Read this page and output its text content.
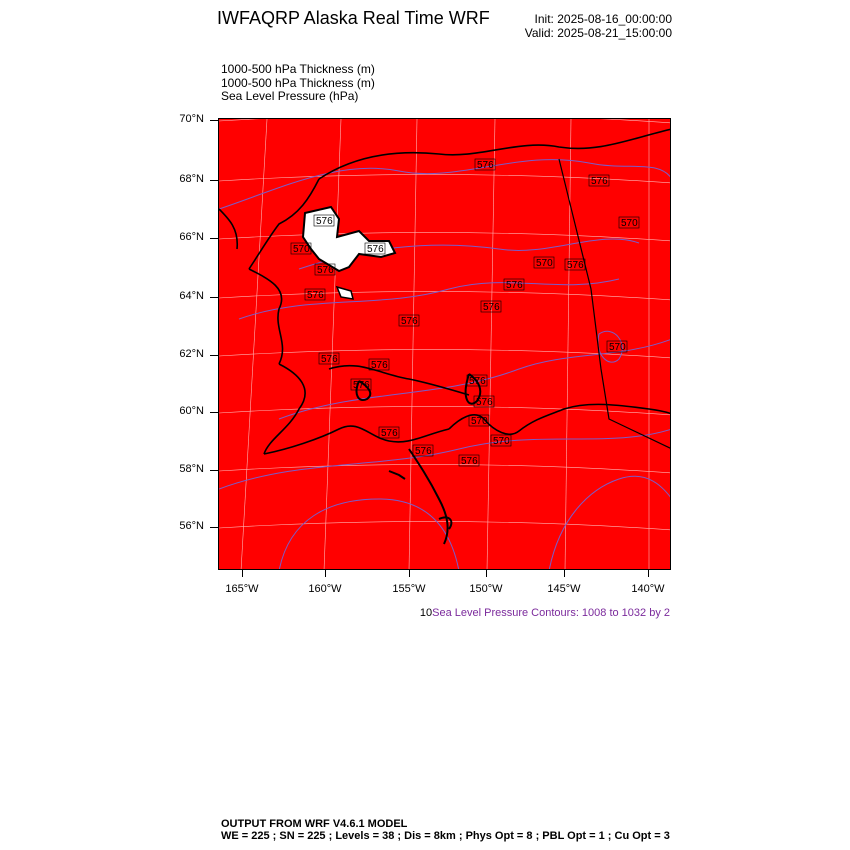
IWFAQRP Alaska Real Time WRF	Init: 2025-08-16_00:00:00
Valid: 2025-08-21_15:00:00
1000-500 hPa Thickness (m)
1000-500 hPa Thickness (m)
Sea Level Pressure (hPa)
70°N
68°N
66°N
64°N
62°N
60°N
58°N
56°N
576
576
570
576
570	576
576
576
570 576
576
576
576
570
576
576
576	576
576
570
576
570
576
576
165°W	160°W	155°W	150°W	145°W	140°W
10Sea Level Pressure Contours: 1008 to 1032 by 2
OUTPUT FROM WRF V4.6.1 MODEL
WE = 225 ; SN = 225 ; Levels = 38 ; Dis = 8km ; Phys Opt = 8 ; PBL Opt = 1 ; Cu Opt = 3
